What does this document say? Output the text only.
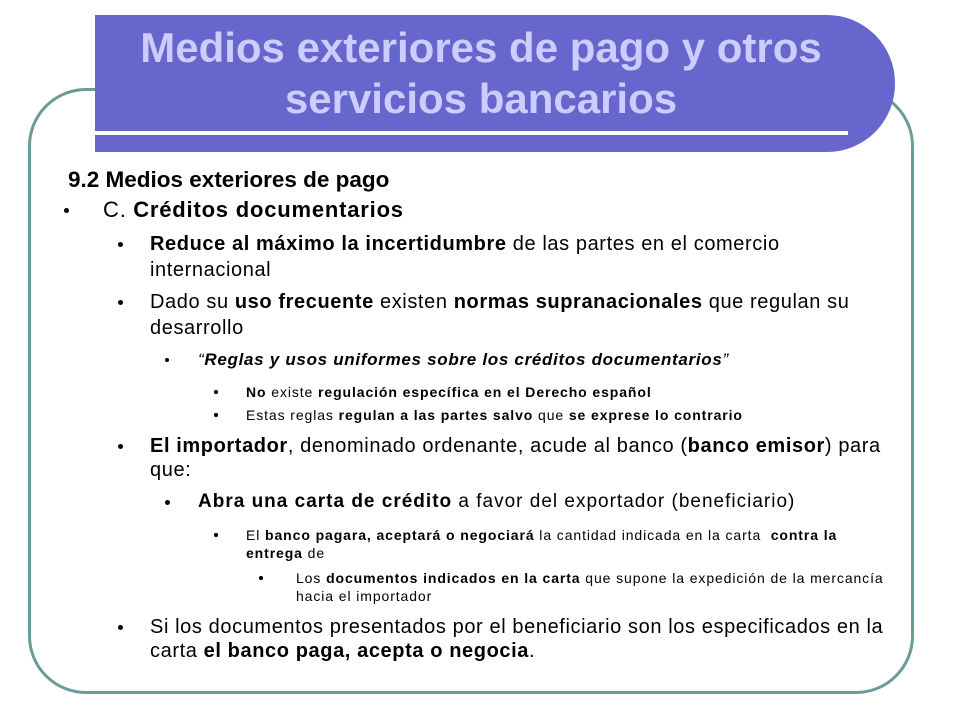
Medios exteriores de pago y otros
servicios bancarios
9.2 Medios exteriores de pago
C. Créditos documentarios
Reduce al máximo la incertidumbre de las partes en el comercio
internacional
Dado su uso frecuente existen normas supranacionales que regulan su
desarrollo
“Reglas y usos uniformes sobre los créditos documentarios”
No existe regulación específica en el Derecho español
Estas reglas regulan a las partes salvo que se exprese lo contrario
El importador, denominado ordenante, acude al banco (banco emisor) para
que:
Abra una carta de crédito a favor del exportador (beneficiario)
El banco pagara, aceptará o negociará la cantidad indicada en la carta  contra la
entrega de
Los documentos indicados en la carta que supone la expedición de la mercancía
hacia el importador
Si los documentos presentados por el beneficiario son los especificados en la
carta el banco paga, acepta o negocia.
